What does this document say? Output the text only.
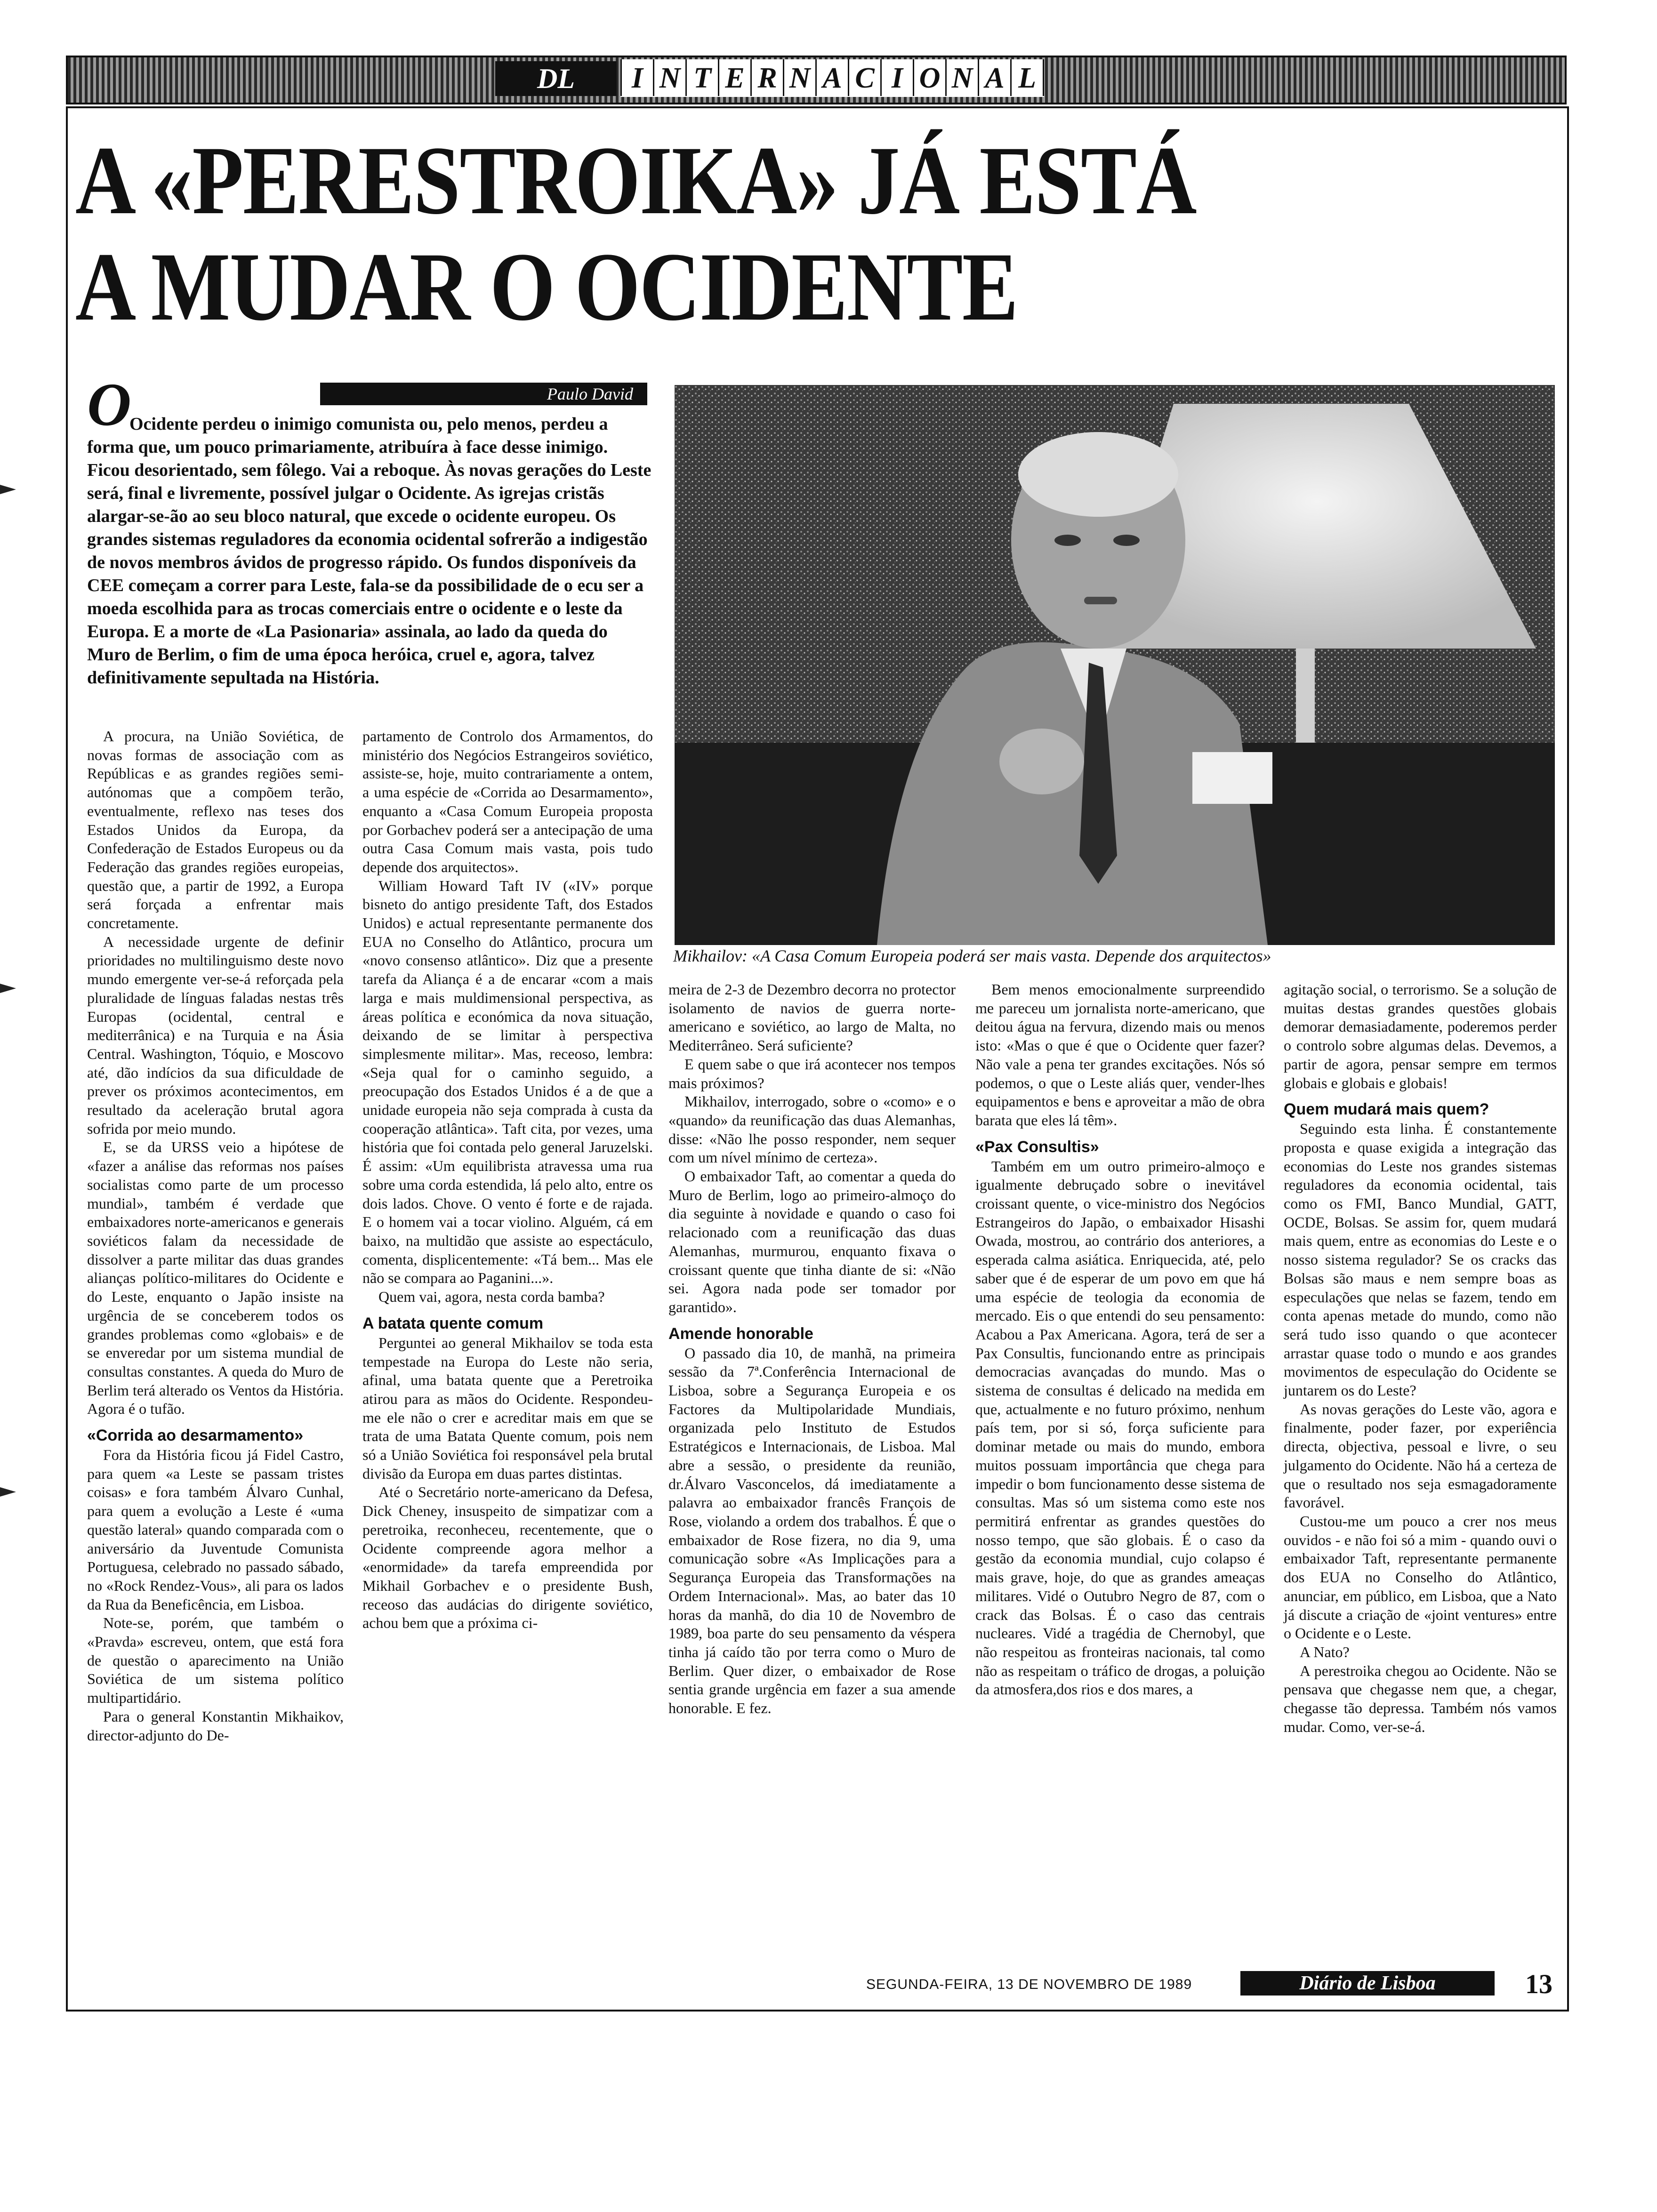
DL	I N T E R N A C I O N A L
A «PERESTROIKA» JÁ ESTÁ
A MUDAR O OCIDENTE
Paulo David
O
Ocidente perdeu o inimigo comunista ou, pelo menos, perdeu a forma que, um pouco primariamente, atribuíra à face desse inimigo. Ficou desorientado, sem fôlego. Vai a reboque. Às novas gerações do Leste será, final e livremente, possível julgar o Ocidente. As igrejas cristãs alargar-se-ão ao seu bloco natural, que excede o ocidente europeu. Os grandes sistemas reguladores da economia ocidental sofrerão a indigestão de novos membros ávidos de progresso rápido. Os fundos disponíveis da CEE começam a correr para Leste, fala-se da possibilidade de o ecu ser a moeda escolhida para as trocas comerciais entre o ocidente e o leste da Europa. E a morte de «La Pasionaria» assinala, ao lado da queda do Muro de Berlim, o fim de uma época heróica, cruel e, agora, talvez definitivamente sepultada na História.
Mikhailov: «A Casa Comum Europeia poderá ser mais vasta. Depende dos arquitectos»

A procura, na União Soviética, de novas formas de associação com as Repúblicas e as grandes regiões semi-autónomas que a compõem terão, eventualmente, reflexo nas teses dos Estados Unidos da Europa, da Confederação de Estados Europeus ou da Federação das grandes regiões europeias, questão que, a partir de 1992, a Europa será forçada a enfrentar mais concretamente.

A necessidade urgente de definir prioridades no multilinguismo deste novo mundo emergente ver-se-á reforçada pela pluralidade de línguas faladas nestas três Europas (ocidental, central e mediterrânica) e na Turquia e na Ásia Central. Washington, Tóquio, e Moscovo até, dão indícios da sua dificuldade de prever os próximos acontecimentos, em resultado da aceleração brutal agora sofrida por meio mundo.

E, se da URSS veio a hipótese de «fazer a análise das reformas nos países socialistas como parte de um processo mundial», também é verdade que embaixadores norte-americanos e generais soviéticos falam da necessidade de dissolver a parte militar das duas grandes alianças político-militares do Ocidente e do Leste, enquanto o Japão insiste na urgência de se conceberem todos os grandes problemas como «globais» e de se enveredar por um sistema mundial de consultas constantes. A queda do Muro de Berlim terá alterado os Ventos da História. Agora é o tufão.

«Corrida ao desarmamento»

Fora da História ficou já Fidel Castro, para quem «a Leste se passam tristes coisas» e fora também Álvaro Cunhal, para quem a evolução a Leste é «uma questão lateral» quando comparada com o aniversário da Juventude Comunista Portuguesa, celebrado no passado sábado, no «Rock Rendez-Vous», ali para os lados da Rua da Beneficência, em Lisboa.

Note-se, porém, que também o «Pravda» escreveu, ontem, que está fora de questão o aparecimento na União Soviética de um sistema político multipartidário.

Para o general Konstantin Mikhaikov, director-adjunto do De-

partamento de Controlo dos Armamentos, do ministério dos Negócios Estrangeiros soviético, assiste-se, hoje, muito contrariamente a ontem, a uma espécie de «Corrida ao Desarmamento», enquanto a «Casa Comum Europeia proposta por Gorbachev poderá ser a antecipação de uma outra Casa Comum mais vasta, pois tudo depende dos arquitectos».

William Howard Taft IV («IV» porque bisneto do antigo presidente Taft, dos Estados Unidos) e actual representante permanente dos EUA no Conselho do Atlântico, procura um «novo consenso atlântico». Diz que a presente tarefa da Aliança é a de encarar «com a mais larga e mais muldimensional perspectiva, as áreas política e económica da nova situação, deixando de se limitar à perspectiva simplesmente militar». Mas, receoso, lembra: «Seja qual for o caminho seguido, a preocupação dos Estados Unidos é a de que a unidade europeia não seja comprada à custa da cooperação atlântica». Taft cita, por vezes, uma história que foi contada pelo general Jaruzelski. É assim: «Um equilibrista atravessa uma rua sobre uma corda estendida, lá pelo alto, entre os dois lados. Chove. O vento é forte e de rajada. E o homem vai a tocar violino. Alguém, cá em baixo, na multidão que assiste ao espectáculo, comenta, displicentemente: «Tá bem... Mas ele não se compara ao Paganini...».

Quem vai, agora, nesta corda bamba?

A batata quente comum

Perguntei ao general Mikhailov se toda esta tempestade na Europa do Leste não seria, afinal, uma batata quente que a Peretroika atirou para as mãos do Ocidente. Respondeu-me ele não o crer e acreditar mais em que se trata de uma Batata Quente comum, pois nem só a União Soviética foi responsável pela brutal divisão da Europa em duas partes distintas.

Até o Secretário norte-americano da Defesa, Dick Cheney, insuspeito de simpatizar com a peretroika, reconheceu, recentemente, que o Ocidente compreende agora melhor a «enormidade» da tarefa empreendida por Mikhail Gorbachev e o presidente Bush, receoso das audácias do dirigente soviético, achou bem que a próxima ci-

meira de 2-3 de Dezembro decorra no protector isolamento de navios de guerra norte-americano e soviético, ao largo de Malta, no Mediterrâneo. Será suficiente?

E quem sabe o que irá acontecer nos tempos mais próximos?

Mikhailov, interrogado, sobre o «como» e o «quando» da reunificação das duas Alemanhas, disse: «Não lhe posso responder, nem sequer com um nível mínimo de certeza».

O embaixador Taft, ao comentar a queda do Muro de Berlim, logo ao primeiro-almoço do dia seguinte à novidade e quando o caso foi relacionado com a reunificação das duas Alemanhas, murmurou, enquanto fixava o croissant quente que tinha diante de si: «Não sei. Agora nada pode ser tomador por garantido».

Amende honorable

O passado dia 10, de manhã, na primeira sessão da 7ª.Conferência Internacional de Lisboa, sobre a Segurança Europeia e os Factores da Multipolaridade Mundiais, organizada pelo Instituto de Estudos Estratégicos e Internacionais, de Lisboa. Mal abre a sessão, o presidente da reunião, dr.Álvaro Vasconcelos, dá imediatamente a palavra ao embaixador francês François de Rose, violando a ordem dos trabalhos. É que o embaixador de Rose fizera, no dia 9, uma comunicação sobre «As Implicações para a Segurança Europeia das Transformações na Ordem Internacional». Mas, ao bater das 10 horas da manhã, do dia 10 de Novembro de 1989, boa parte do seu pensamento da véspera tinha já caído tão por terra como o Muro de Berlim. Quer dizer, o embaixador de Rose sentia grande urgência em fazer a sua amende honorable. E fez.

Bem menos emocionalmente surpreendido me pareceu um jornalista norte-americano, que deitou água na fervura, dizendo mais ou menos isto: «Mas o que é que o Ocidente quer fazer? Não vale a pena ter grandes excitações. Nós só podemos, o que o Leste aliás quer, vender-lhes equipamentos e bens e aproveitar a mão de obra barata que eles lá têm».

«Pax Consultis»

Também em um outro primeiro-almoço e igualmente debruçado sobre o inevitável croissant quente, o vice-ministro dos Negócios Estrangeiros do Japão, o embaixador Hisashi Owada, mostrou, ao contrário dos anteriores, a esperada calma asiática. Enriquecida, até, pelo saber que é de esperar de um povo em que há uma espécie de teologia da economia de mercado. Eis o que entendi do seu pensamento: Acabou a Pax Americana. Agora, terá de ser a Pax Consultis, funcionando entre as principais democracias avançadas do mundo. Mas o sistema de consultas é delicado na medida em que, actualmente e no futuro próximo, nenhum país tem, por si só, força suficiente para dominar metade ou mais do mundo, embora muitos possuam importância que chega para impedir o bom funcionamento desse sistema de consultas. Mas só um sistema como este nos permitirá enfrentar as grandes questões do nosso tempo, que são globais. É o caso da gestão da economia mundial, cujo colapso é mais grave, hoje, do que as grandes ameaças militares. Vidé o Outubro Negro de 87, com o crack das Bolsas. É o caso das centrais nucleares. Vidé a tragédia de Chernobyl, que não respeitou as fronteiras nacionais, tal como não as respeitam o tráfico de drogas, a poluição da atmosfera,dos rios e dos mares, a

agitação social, o terrorismo. Se a solução de muitas destas grandes questões globais demorar demasiadamente, poderemos perder o controlo sobre algumas delas. Devemos, a partir de agora, pensar sempre em termos globais e globais e globais!

Quem mudará mais quem?

Seguindo esta linha. É constantemente proposta e quase exigida a integração das economias do Leste nos grandes sistemas reguladores da economia ocidental, tais como os FMI, Banco Mundial, GATT, OCDE, Bolsas. Se assim for, quem mudará mais quem, entre as economias do Leste e o nosso sistema regulador? Se os cracks das Bolsas são maus e nem sempre boas as especulações que nelas se fazem, tendo em conta apenas metade do mundo, como não será tudo isso quando o que acontecer arrastar quase todo o mundo e aos grandes movimentos de especulação do Ocidente se juntarem os do Leste?

As novas gerações do Leste vão, agora e finalmente, poder fazer, por experiência directa, objectiva, pessoal e livre, o seu julgamento do Ocidente. Não há a certeza de que o resultado nos seja esmagadoramente favorável.

Custou-me um pouco a crer nos meus ouvidos - e não foi só a mim - quando ouvi o embaixador Taft, representante permanente dos EUA no Conselho do Atlântico, anunciar, em público, em Lisboa, que a Nato já discute a criação de «joint ventures» entre o Ocidente e o Leste.

A Nato?

A perestroika chegou ao Ocidente. Não se pensava que chegasse nem que, a chegar, chegasse tão depressa. Também nós vamos mudar. Como, ver-se-á.

SEGUNDA-FEIRA, 13 DE NOVEMBRO DE 1989	Diário de Lisboa	13
